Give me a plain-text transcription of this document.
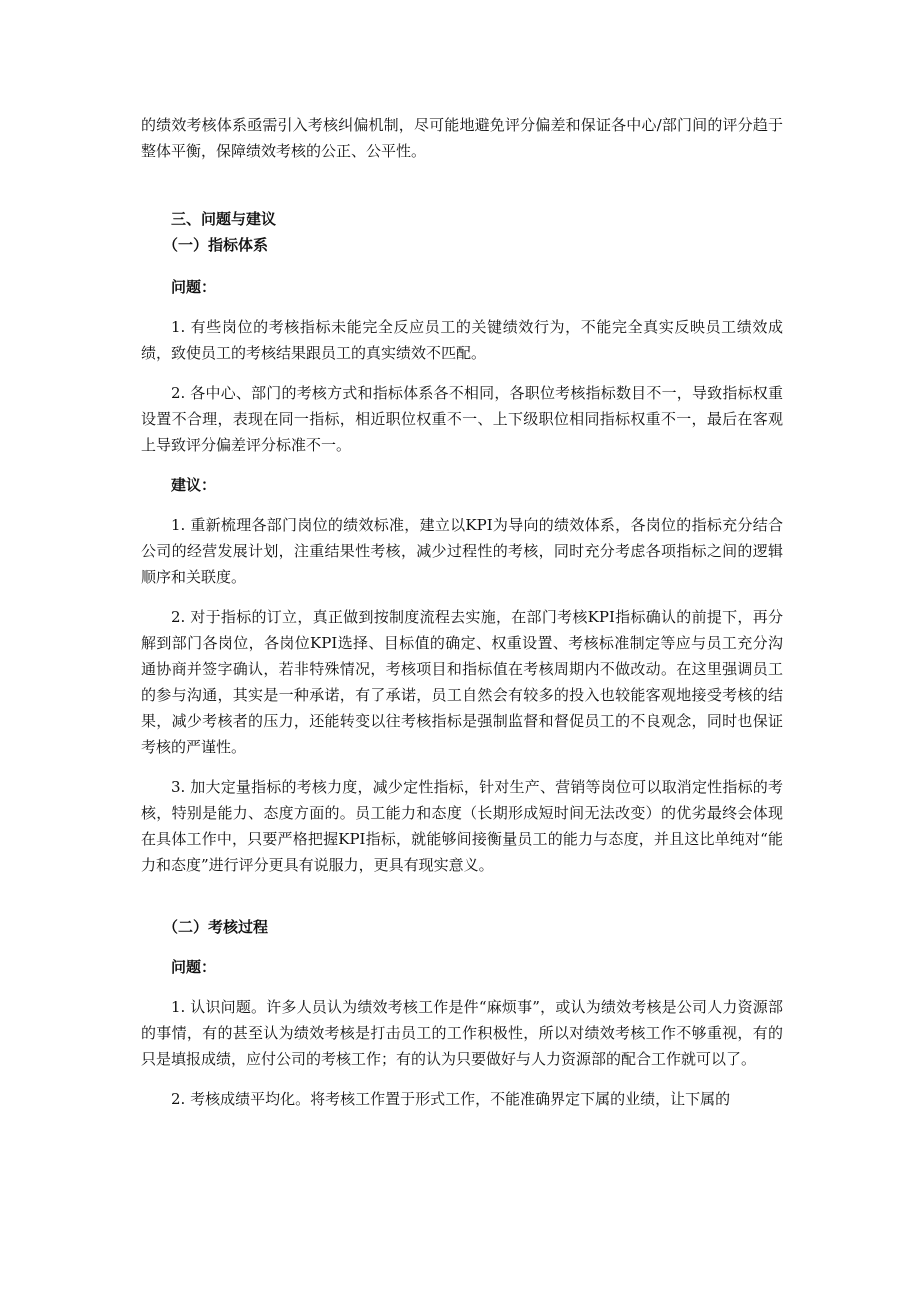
的绩效考核体系亟需引入考核纠偏机制，尽可能地避免评分偏差和保证各中心/部门间的评分趋于整体平衡，保障绩效考核的公正、公平性。

三、问题与建议

（一）指标体系

问题：

1. 有些岗位的考核指标未能完全反应员工的关键绩效行为，不能完全真实反映员工绩效成绩，致使员工的考核结果跟员工的真实绩效不匹配。

2. 各中心、部门的考核方式和指标体系各不相同，各职位考核指标数目不一，导致指标权重设置不合理，表现在同一指标，相近职位权重不一、上下级职位相同指标权重不一，最后在客观上导致评分偏差评分标准不一。

建议：

1. 重新梳理各部门岗位的绩效标准，建立以KPI为导向的绩效体系，各岗位的指标充分结合公司的经营发展计划，注重结果性考核，减少过程性的考核，同时充分考虑各项指标之间的逻辑顺序和关联度。

2. 对于指标的订立，真正做到按制度流程去实施，在部门考核KPI指标确认的前提下，再分解到部门各岗位，各岗位KPI选择、目标值的确定、权重设置、考核标准制定等应与员工充分沟通协商并签字确认，若非特殊情况，考核项目和指标值在考核周期内不做改动。在这里强调员工的参与沟通，其实是一种承诺，有了承诺，员工自然会有较多的投入也较能客观地接受考核的结果，减少考核者的压力，还能转变以往考核指标是强制监督和督促员工的不良观念，同时也保证考核的严谨性。

3. 加大定量指标的考核力度，减少定性指标，针对生产、营销等岗位可以取消定性指标的考核，特别是能力、态度方面的。员工能力和态度（长期形成短时间无法改变）的优劣最终会体现在具体工作中，只要严格把握KPI指标，就能够间接衡量员工的能力与态度，并且这比单纯对“能力和态度”进行评分更具有说服力，更具有现实意义。

（二）考核过程

问题：

1. 认识问题。许多人员认为绩效考核工作是件“麻烦事”，或认为绩效考核是公司人力资源部的事情，有的甚至认为绩效考核是打击员工的工作积极性，所以对绩效考核工作不够重视，有的只是填报成绩，应付公司的考核工作；有的认为只要做好与人力资源部的配合工作就可以了。

2. 考核成绩平均化。将考核工作置于形式工作，不能准确界定下属的业绩，让下属的
